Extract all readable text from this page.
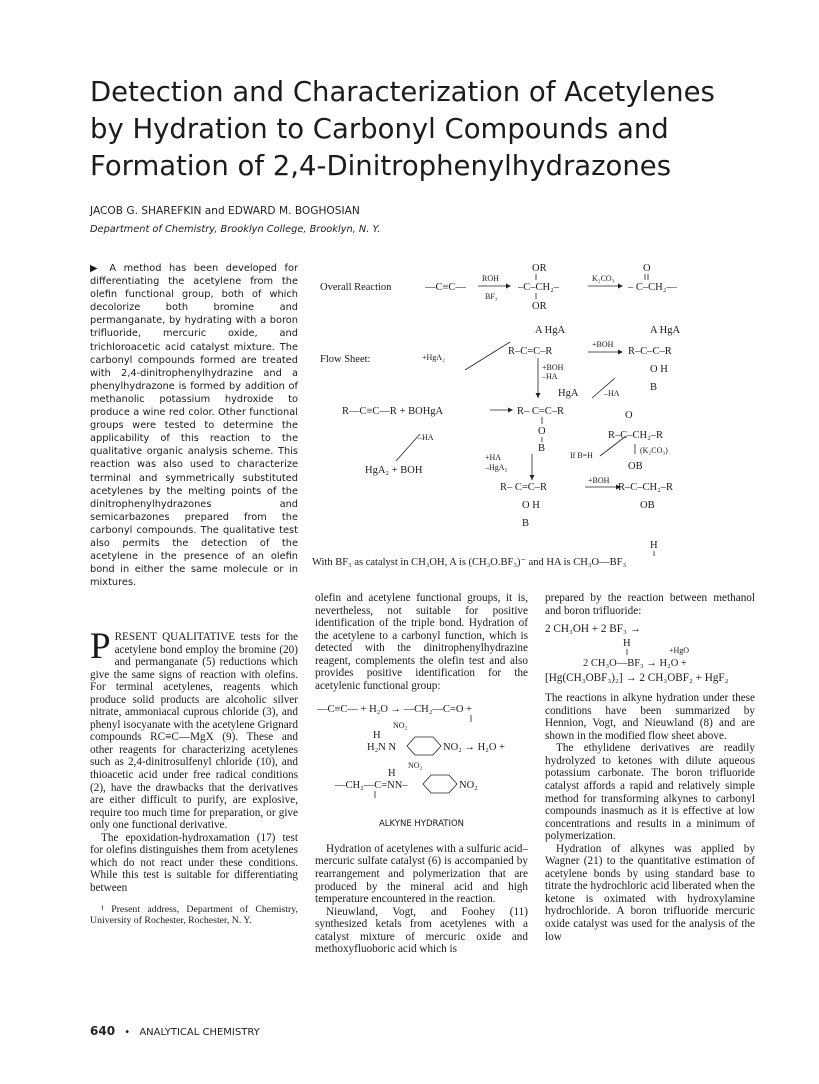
Detection and Characterization of Acetylenes by Hydration to Carbonyl Compounds and Formation of 2,4-Dinitrophenylhydrazones
JACOB G. SHAREFKIN and EDWARD M. BOGHOSIAN
Department of Chemistry, Brooklyn College, Brooklyn, N. Y.

▶ A method has been developed for differentiating the acetylene from the olefin functional group, both of which decolorize both bromine and permanganate, by hydrating with a boron trifluoride, mercuric oxide, and trichloroacetic acid catalyst mixture. The carbonyl compounds formed are treated with 2,4-dinitrophenylhydrazine and a phenylhydrazone is formed by addition of methanolic potassium hydroxide to produce a wine red color. Other functional groups were tested to determine the applicability of this reaction to the qualitative organic analysis scheme. This reaction was also used to characterize terminal and symmetrically substituted acetylenes by the melting points of the dinitrophenylhydrazones and semicarbazones prepared from the carbonyl compounds. The qualitative test also permits the detection of the acetylene in the presence of an olefin bond in either the same molecule or in mixtures.

Overall Reaction	—C≡C—
ROH
BF₃
OR
–C–CH₂–
OR
K₂CO₃
O
– C–CH₂—
Flow Sheet:
A HgA
R–C=C–R
+BOH
A HgA
R–C–C–R
O H
B
+HgA₂
+BOH
–HA
HgA	–HA
R—C≡C—R + BOHgA	R– C=C–R
O
B
O
R–C–CH₂–R
(K₂CO₃)
OB
If B=H
–HA
HgA₂ + BOH
+HA
–HgA₂
R– C=C–R
+BOH
R–C–CH₂–R
O H
B
OB
H
With BF₃ as catalyst in CH₃OH, A is (CH₃O.BF₃)⁻ and HA is CH₃O—BF₃

PRESENT QUALITATIVE tests for the acetylene bond employ the bromine (20) and permanganate (5) reductions which give the same signs of reaction with olefins. For terminal acetylenes, reagents which produce solid products are alcoholic silver nitrate, ammoniacal cuprous chloride (3), and phenyl isocyanate with the acetylene Grignard compounds RC≡C—MgX (9). These and other reagents for characterizing acetylenes such as 2,4-dinitrosulfenyl chloride (10), and thioacetic acid under free radical conditions (2), have the drawbacks that the derivatives are either difficult to purify, are explosive, require too much time for preparation, or give only one functional derivative.

The epoxidation-hydroxamation (17) test for olefins distinguishes them from acetylenes which do not react under these conditions. While this test is suitable for differentiating between

¹ Present address, Department of Chemistry, University of Rochester, Rochester, N. Y.

olefin and acetylene functional groups, it is, nevertheless, not suitable for positive identification of the triple bond. Hydration of the acetylene to a carbonyl function, which is detected with the dinitrophenylhydrazine reagent, complements the olefin test and also provides positive identification for the acetylenic functional group:

—C≡C— + H₂O → —CH₂—C=O +
NO₂
H
H₂N N	NO₂ → H₂O +
NO₂
H
—CH₂—C=NN–	NO₂

ALKYNE HYDRATION

Hydration of acetylenes with a sulfuric acid–mercuric sulfate catalyst (6) is accompanied by rearrangement and polymerization that are produced by the mineral acid and high temperature encountered in the reaction.

Nieuwland, Vogt, and Foohey (11) synthesized ketals from acetylenes with a catalyst mixture of mercuric oxide and methoxyfluoboric acid which is

prepared by the reaction between methanol and boron trifluoride:

2 CH₃OH + 2 BF₃ →

H
+HgO
2 CH₃O—BF₃ → H₂O +

[Hg(CH₃OBF₃)₂] → 2 CH₃OBF₂ + HgF₂

The reactions in alkyne hydration under these conditions have been summarized by Hennion, Vogt, and Nieuwland (8) and are shown in the modified flow sheet above.

The ethylidene derivatives are readily hydrolyzed to ketones with dilute aqueous potassium carbonate. The boron trifluoride catalyst affords a rapid and relatively simple method for transforming alkynes to carbonyl compounds inasmuch as it is effective at low concentrations and results in a minimum of polymerization.

Hydration of alkynes was applied by Wagner (21) to the quantitative estimation of acetylene bonds by using standard base to titrate the hydrochloric acid liberated when the ketone is oximated with hydroxylamine hydrochloride. A boron trifluoride mercuric oxide catalyst was used for the analysis of the low

640 • ANALYTICAL CHEMISTRY
